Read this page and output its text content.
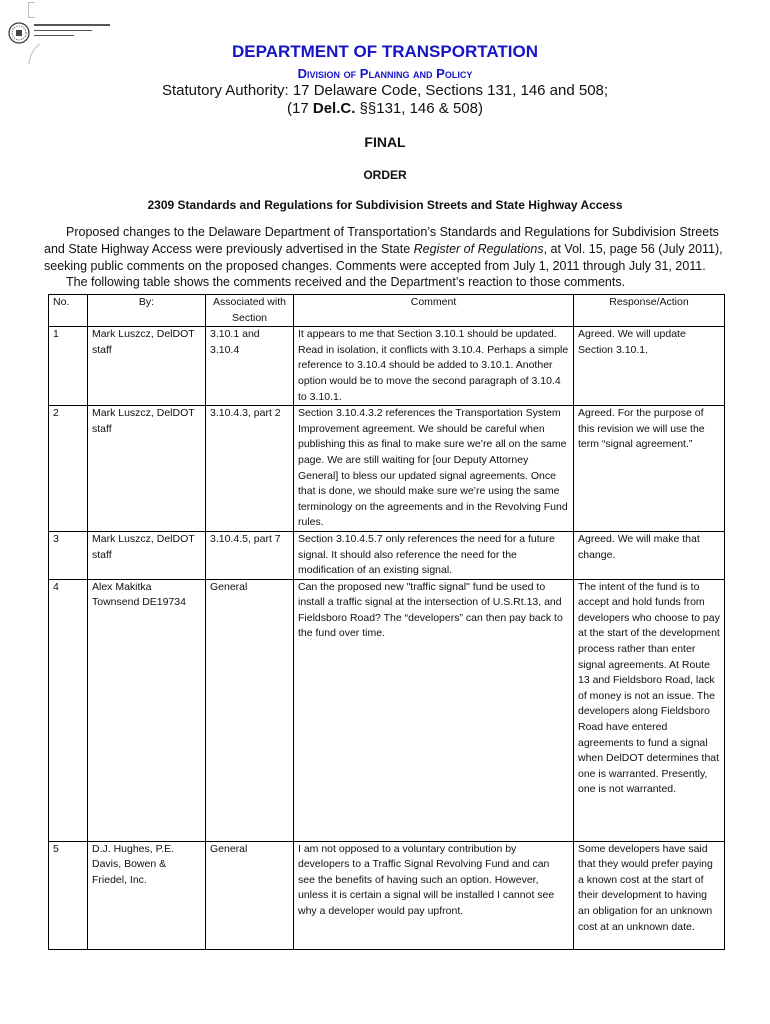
DEPARTMENT OF TRANSPORTATION
Division of Planning and Policy
Statutory Authority: 17 Delaware Code, Sections 131, 146 and 508;
(17 Del.C. §§131, 146 & 508)
FINAL
ORDER
2309 Standards and Regulations for Subdivision Streets and State Highway Access
Proposed changes to the Delaware Department of Transportation’s Standards and Regulations for Subdivision Streets and State Highway Access were previously advertised in the State Register of Regulations, at Vol. 15, page 56 (July 2011), seeking public comments on the proposed changes. Comments were accepted from July 1, 2011 through July 31, 2011.
The following table shows the comments received and the Department’s reaction to those comments.
No.	By:	Associated with Section	Comment	Response/Action
1	Mark Luszcz, DelDOT staff	3.10.1 and 3.10.4	It appears to me that Section 3.10.1 should be updated. Read in isolation, it conflicts with 3.10.4. Perhaps a simple reference to 3.10.4 should be added to 3.10.1. Another option would be to move the second paragraph of 3.10.4 to 3.10.1.	Agreed. We will update Section 3.10.1.
2	Mark Luszcz, DelDOT staff	3.10.4.3, part 2	Section 3.10.4.3.2 references the Transportation System Improvement agreement. We should be careful when publishing this as final to make sure we’re all on the same page. We are still waiting for [our Deputy Attorney General] to bless our updated signal agreements. Once that is done, we should make sure we’re using the same terminology on the agreements and in the Revolving Fund rules.	Agreed. For the purpose of this revision we will use the term “signal agreement.”
3	Mark Luszcz, DelDOT staff	3.10.4.5, part 7	Section 3.10.4.5.7 only references the need for a future signal. It should also reference the need for the modification of an existing signal.	Agreed. We will make that change.
4	Alex Makitka Townsend DE19734	General	Can the proposed new "traffic signal" fund be used to install a traffic signal at the intersection of U.S.Rt.13, and Fieldsboro Road? The “developers” can then pay back to the fund over time.	The intent of the fund is to accept and hold funds from developers who choose to pay at the start of the development process rather than enter signal agreements. At Route 13 and Fieldsboro Road, lack of money is not an issue. The developers along Fieldsboro Road have entered agreements to fund a signal when DelDOT determines that one is warranted. Presently, one is not warranted.
5	D.J. Hughes, P.E. Davis, Bowen & Friedel, Inc.	General	I am not opposed to a voluntary contribution by developers to a Traffic Signal Revolving Fund and can see the benefits of having such an option. However, unless it is certain a signal will be installed I cannot see why a developer would pay upfront.	Some developers have said that they would prefer paying a known cost at the start of their development to having an obligation for an unknown cost at an unknown date.
